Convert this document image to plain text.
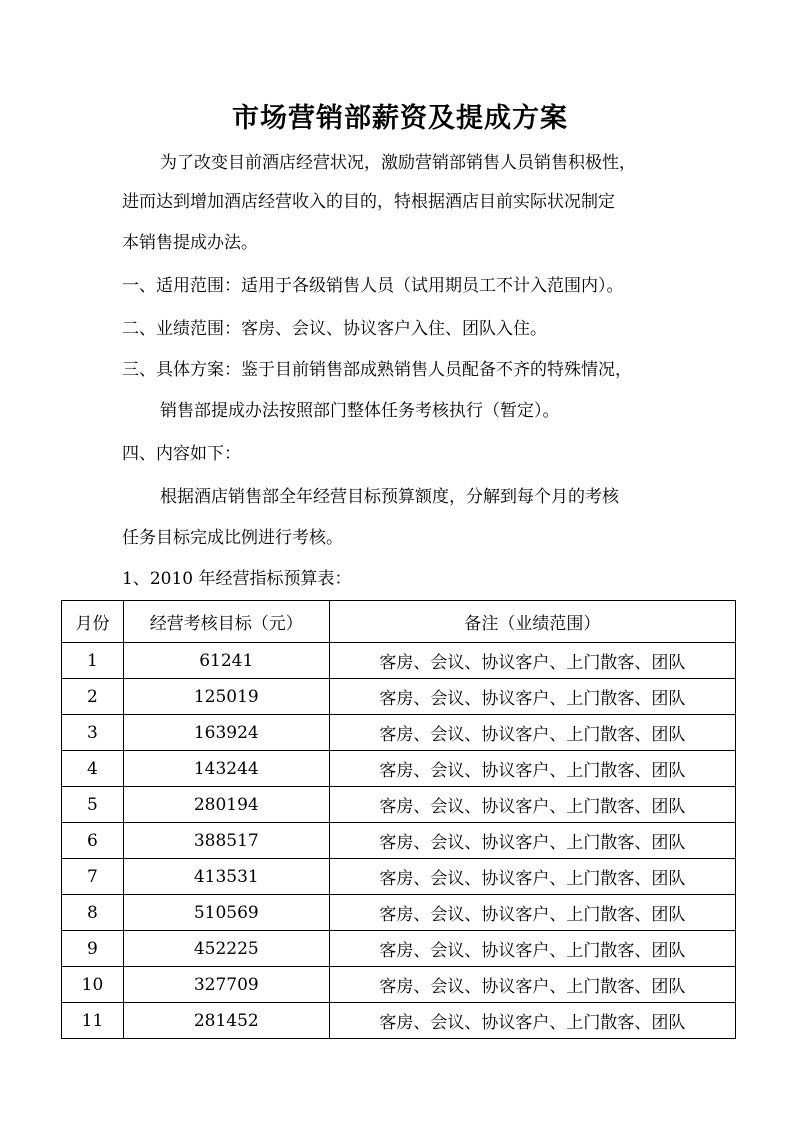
市场营销部薪资及提成方案
为了改变目前酒店经营状况，激励营销部销售人员销售积极性，
进而达到增加酒店经营收入的目的，特根据酒店目前实际状况制定
本销售提成办法。
一、适用范围：适用于各级销售人员（试用期员工不计入范围内）。
二、业绩范围：客房、会议、协议客户入住、团队入住。
三、具体方案：鉴于目前销售部成熟销售人员配备不齐的特殊情况，
销售部提成办法按照部门整体任务考核执行（暂定）。
四、内容如下：
根据酒店销售部全年经营目标预算额度，分解到每个月的考核
任务目标完成比例进行考核。
1、2010 年经营指标预算表：
月份	经营考核目标（元）	备注（业绩范围）
1	61241	客房、会议、协议客户、上门散客、团队
2	125019	客房、会议、协议客户、上门散客、团队
3	163924	客房、会议、协议客户、上门散客、团队
4	143244	客房、会议、协议客户、上门散客、团队
5	280194	客房、会议、协议客户、上门散客、团队
6	388517	客房、会议、协议客户、上门散客、团队
7	413531	客房、会议、协议客户、上门散客、团队
8	510569	客房、会议、协议客户、上门散客、团队
9	452225	客房、会议、协议客户、上门散客、团队
10	327709	客房、会议、协议客户、上门散客、团队
11	281452	客房、会议、协议客户、上门散客、团队
